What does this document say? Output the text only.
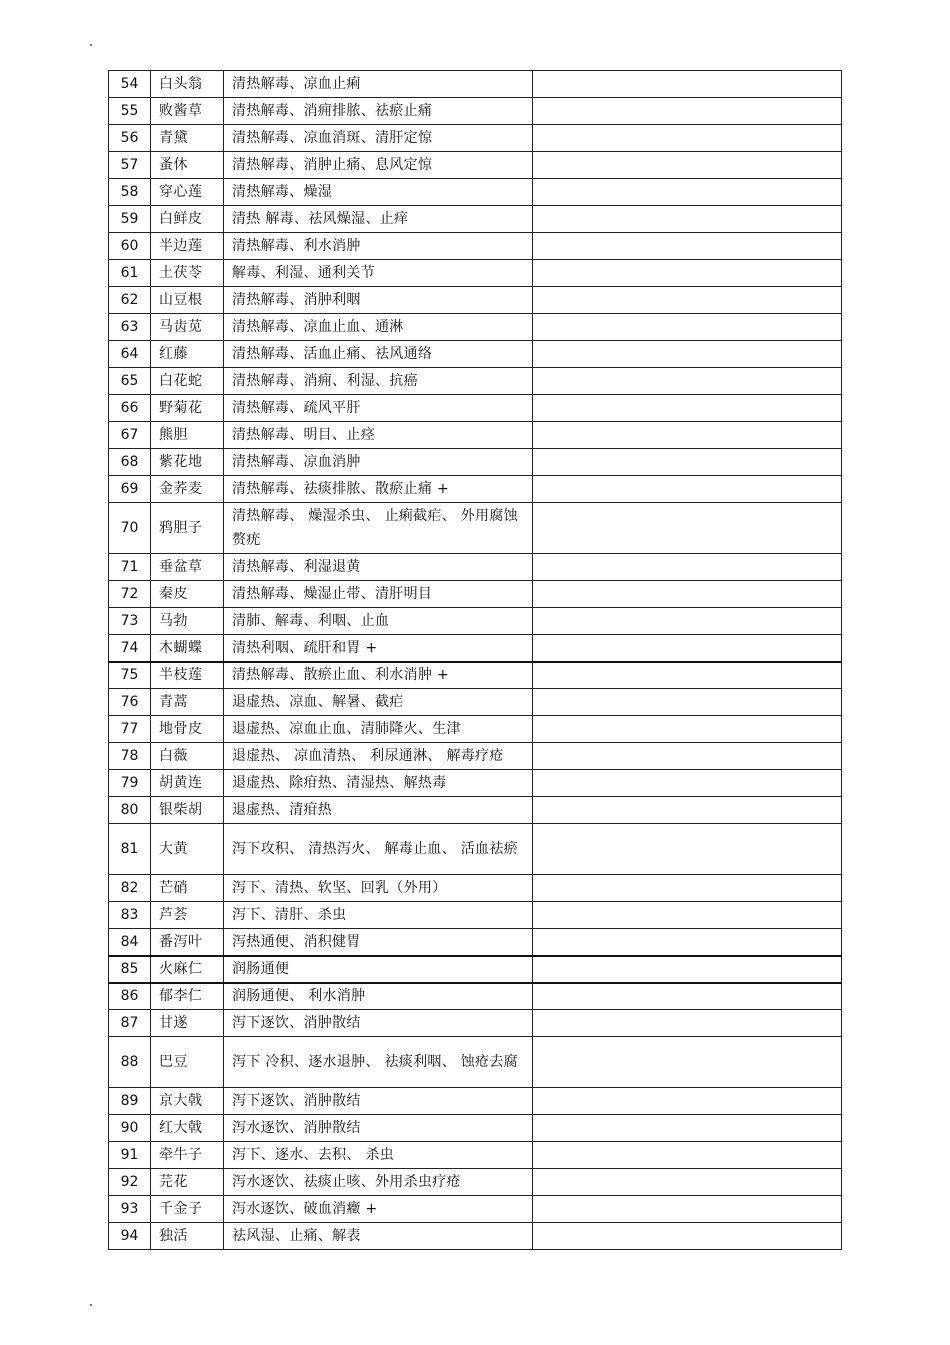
54	白头翁	清热解毒、凉血止痢	
55	败酱草	清热解毒、消痈排脓、祛瘀止痛	
56	青黛	清热解毒、凉血消斑、清肝定惊	
57	蚤休	清热解毒、消肿止痛、息风定惊	
58	穿心莲	清热解毒、燥湿	
59	白鲜皮	清热 解毒、祛风燥湿、止痒	
60	半边莲	清热解毒、利水消肿	
61	土茯苓	解毒、利湿、通利关节	
62	山豆根	清热解毒、消肿利咽	
63	马齿苋	清热解毒、凉血止血、通淋	
64	红藤	清热解毒、活血止痛、祛风通络	
65	白花蛇	清热解毒、消痈、利湿、抗癌	
66	野菊花	清热解毒、疏风平肝	
67	熊胆	清热解毒、明目、止痉	
68	紫花地	清热解毒、凉血消肿	
69	金荞麦	清热解毒、祛痰排脓、散瘀止痛 +	
70	鸦胆子	清热解毒、 燥湿杀虫、 止痢截疟、 外用腐蚀赘疣	
71	垂盆草	清热解毒、利湿退黄	
72	秦皮	清热解毒、燥湿止带、清肝明目	
73	马勃	清肺、解毒、利咽、止血	
74	木蝴蝶	清热利咽、疏肝和胃 +	
75	半枝莲	清热解毒、散瘀止血、利水消肿 +	
76	青蒿	退虚热、凉血、解暑、截疟	
77	地骨皮	退虚热、凉血止血、清肺降火、生津	
78	白薇	退虚热、 凉血清热、 利尿通淋、 解毒疗疮	
79	胡黄连	退虚热、除疳热、清湿热、解热毒	
80	银柴胡	退虚热、清疳热	
81	大黄	泻下攻积、 清热泻火、 解毒止血、 活血祛瘀	
82	芒硝	泻下、清热、软坚、回乳（外用）	
83	芦荟	泻下、清肝、杀虫	
84	番泻叶	泻热通便、消积健胃	
85	火麻仁	润肠通便	
86	郁李仁	润肠通便、 利水消肿	
87	甘遂	泻下逐饮、消肿散结	
88	巴豆	泻下 冷积、逐水退肿、 祛痰利咽、 蚀疮去腐	
89	京大戟	泻下逐饮、消肿散结	
90	红大戟	泻水逐饮、消肿散结	
91	牵牛子	泻下、逐水、去积、 杀虫	
92	芫花	泻水逐饮、祛痰止咳、外用杀虫疗疮	
93	千金子	泻水逐饮、破血消癥 +	
94	独活	祛风湿、止痛、解表	
